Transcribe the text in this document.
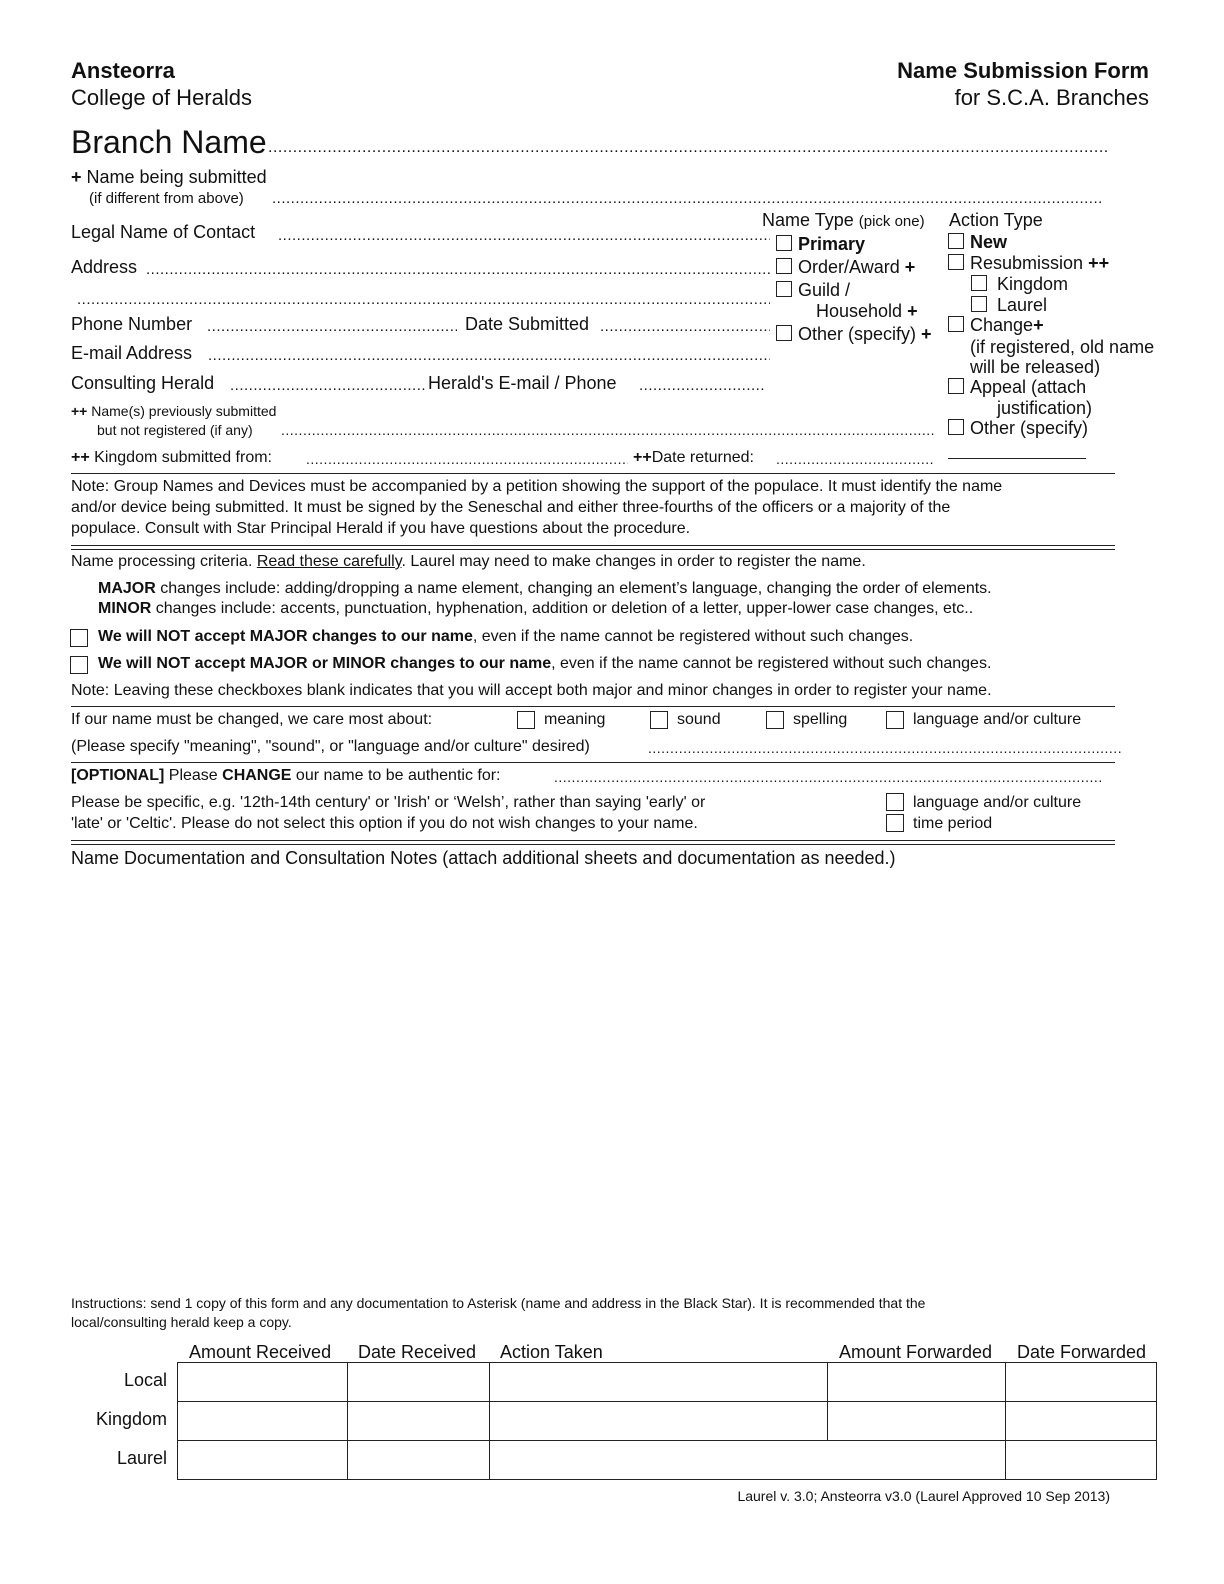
Ansteorra
College of Heralds
Name Submission Form
for S.C.A. Branches
Branch Name
.....
+ Name being submitted
(if different from above)
.....
Legal Name of Contact
.....
Address
.....
.....
Phone Number .....	Date Submitted
.....
E-mail Address
.....
Consulting Herald .....	Herald's E-mail / Phone
.....
++ Name(s) previously submitted
but not registered (if any)
.....
++ Kingdom submitted from: .....	++Date returned:
.....
Name Type (pick one)
Primary
Order/Award +
Guild /
Household +
Other (specify) +
Action Type
New
Resubmission ++
Kingdom
Laurel
Change+
(if registered, old name
will be released)
Appeal (attach
justification)
Other (specify)
Note: Group Names and Devices must be accompanied by a petition showing the support of the populace. It must identify the name
and/or device being submitted. It must be signed by the Seneschal and either three-fourths of the officers or a majority of the
populace. Consult with Star Principal Herald if you have questions about the procedure.
Name processing criteria. Read these carefully. Laurel may need to make changes in order to register the name.
MAJOR changes include: adding/dropping a name element, changing an element’s language, changing the order of elements.
MINOR changes include: accents, punctuation, hyphenation, addition or deletion of a letter, upper-lower case changes, etc..
We will NOT accept MAJOR changes to our name, even if the name cannot be registered without such changes.
We will NOT accept MAJOR or MINOR changes to our name, even if the name cannot be registered without such changes.
Note: Leaving these checkboxes blank indicates that you will accept both major and minor changes in order to register your name.
If our name must be changed, we care most about:	meaning	sound	spelling	language and/or culture
(Please specify "meaning", "sound", or "language and/or culture" desired)
.....
[OPTIONAL] Please CHANGE our name to be authentic for:
.....
Please be specific, e.g. '12th-14th century' or 'Irish' or ‘Welsh’, rather than saying 'early' or
'late' or 'Celtic'. Please do not select this option if you do not wish changes to your name.
language and/or culture
time period
Name Documentation and Consultation Notes (attach additional sheets and documentation as needed.)
Instructions: send 1 copy of this form and any documentation to Asterisk (name and address in the Black Star). It is recommended that the
local/consulting herald keep a copy.
Amount Received Date Received Action Taken	Amount Forwarded Date Forwarded
Local
Kingdom
Laurel

Laurel v. 3.0; Ansteorra v3.0 (Laurel Approved 10 Sep 2013)
